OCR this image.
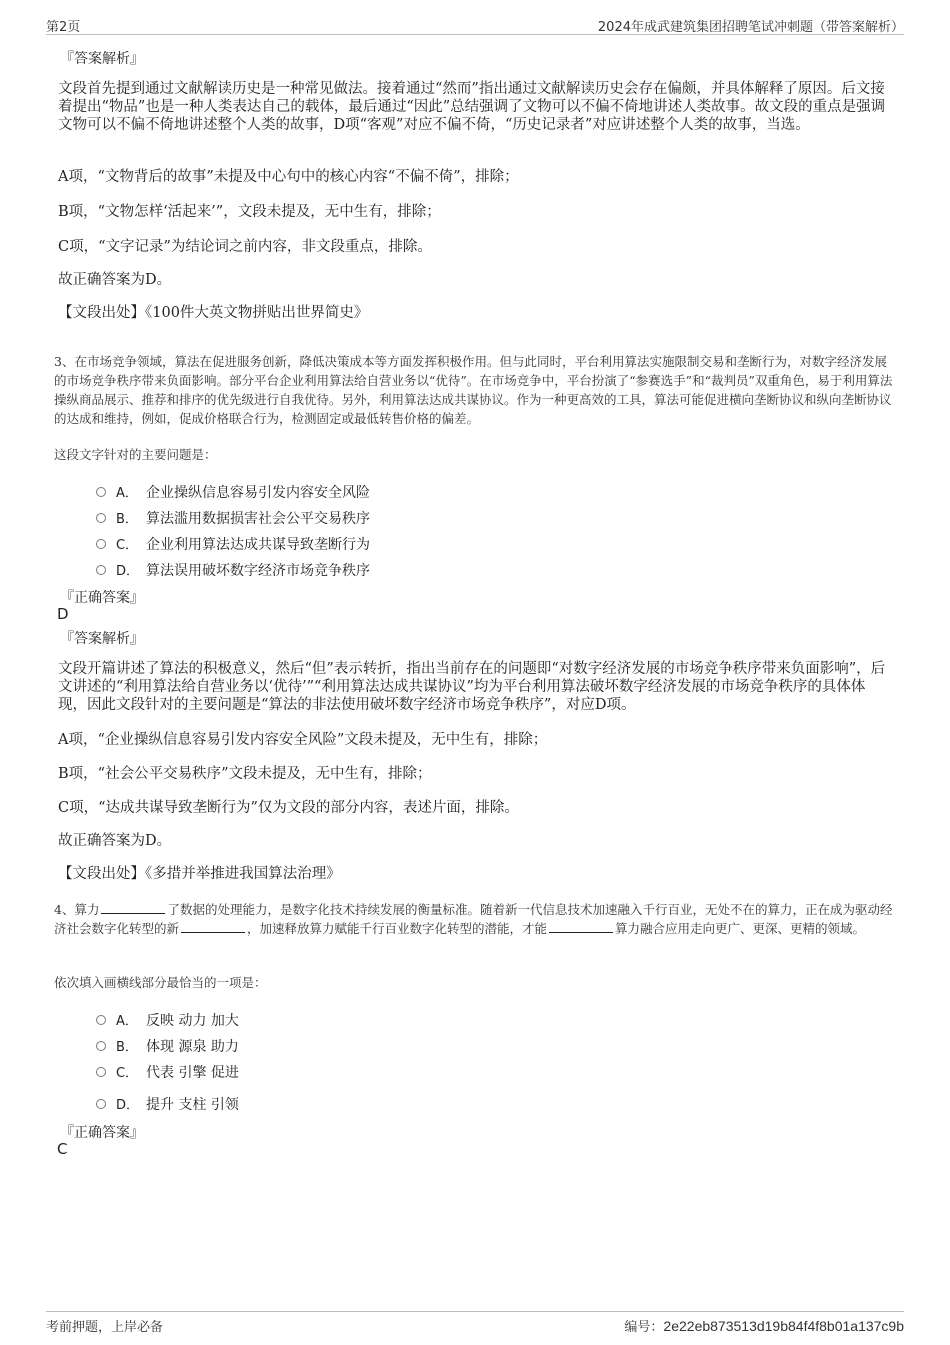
第2页	2024年成武建筑集团招聘笔试冲刺题（带答案解析）
『答案解析』
文段首先提到通过文献解读历史是一种常见做法。接着通过“然而”指出通过文献解读历史会存在偏颇，并具体解释了原因。后文接着提出“物品”也是一种人类表达自己的载体，最后通过“因此”总结强调了文物可以不偏不倚地讲述人类故事。故文段的重点是强调文物可以不偏不倚地讲述整个人类的故事，D项“客观”对应不偏不倚，“历史记录者”对应讲述整个人类的故事，当选。
A项，“文物背后的故事”未提及中心句中的核心内容“不偏不倚”，排除；
B项，“文物怎样‘活起来’”，文段未提及，无中生有，排除；
C项，“文字记录”为结论词之前内容，非文段重点，排除。
故正确答案为D。
【文段出处】《100件大英文物拼贴出世界简史》
3、在市场竞争领域，算法在促进服务创新，降低决策成本等方面发挥积极作用。但与此同时，平台利用算法实施限制交易和垄断行为，对数字经济发展的市场竞争秩序带来负面影响。部分平台企业利用算法给自营业务以“优待”。在市场竞争中，平台扮演了“参赛选手”和“裁判员”双重角色，易于利用算法操纵商品展示、推荐和排序的优先级进行自我优待。另外，利用算法达成共谋协议。作为一种更高效的工具，算法可能促进横向垄断协议和纵向垄断协议的达成和维持，例如，促成价格联合行为，检测固定或最低转售价格的偏差。
这段文字针对的主要问题是：
A． 企业操纵信息容易引发内容安全风险
B． 算法滥用数据损害社会公平交易秩序
C． 企业利用算法达成共谋导致垄断行为
D． 算法误用破坏数字经济市场竞争秩序
『正确答案』
D
『答案解析』
文段开篇讲述了算法的积极意义，然后“但”表示转折，指出当前存在的问题即“对数字经济发展的市场竞争秩序带来负面影响”，后文讲述的“利用算法给自营业务以‘优待’”“利用算法达成共谋协议”均为平台利用算法破坏数字经济发展的市场竞争秩序的具体体现，因此文段针对的主要问题是“算法的非法使用破坏数字经济市场竞争秩序”，对应D项。
A项，“企业操纵信息容易引发内容安全风险”文段未提及，无中生有，排除；
B项，“社会公平交易秩序”文段未提及，无中生有，排除；
C项，“达成共谋导致垄断行为”仅为文段的部分内容，表述片面，排除。
故正确答案为D。
【文段出处】《多措并举推进我国算法治理》
4、算力	了数据的处理能力，是数字化技术持续发展的衡量标准。随着新一代信息技术加速融入千行百业，无处不在的算力，正在成为驱动经济社会数字化转型的新	，加速释放算力赋能千行百业数字化转型的潜能，才能	算力融合应用走向更广、更深、更精的领域。
依次填入画横线部分最恰当的一项是：
A． 反映 动力 加大
B． 体现 源泉 助力
C． 代表 引擎 促进
D． 提升 支柱 引领
『正确答案』
C
考前押题，上岸必备	编号：2e22eb873513d19b84f4f8b01a137c9b
